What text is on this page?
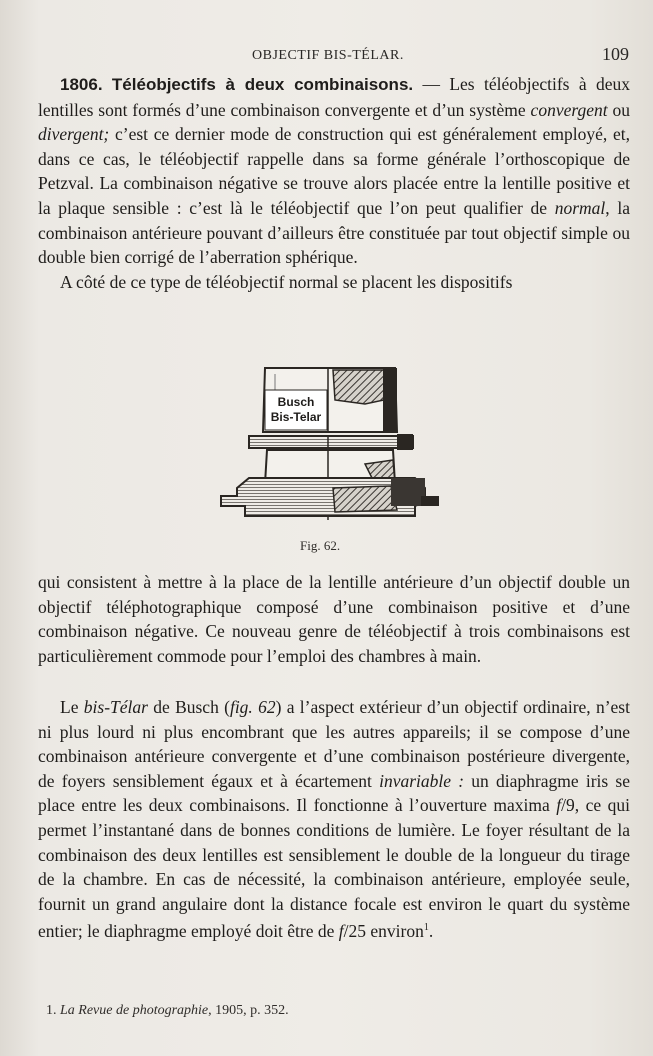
OBJECTIF BIS-TÉLAR.	109

1806. Téléobjectifs à deux combinaisons. — Les téléobjectifs à deux lentilles sont formés d’une combinaison convergente et d’un système convergent ou divergent; c’est ce dernier mode de construction qui est généralement employé, et, dans ce cas, le téléobjectif rappelle dans sa forme générale l’orthoscopique de Petzval. La combinaison négative se trouve alors placée entre la lentille positive et la plaque sensible : c’est là le téléobjectif que l’on peut qualifier de normal, la combinaison antérieure pouvant d’ailleurs être constituée par tout objectif simple ou double bien corrigé de l’aberration sphérique.

A côté de ce type de téléobjectif normal se placent les dispositifs

Busch
Bis-Telar
Fig. 62.

qui consistent à mettre à la place de la lentille antérieure d’un objectif double un objectif téléphotographique composé d’une combinaison positive et d’une combinaison négative. Ce nouveau genre de téléobjectif à trois combinaisons est particulièrement commode pour l’emploi des chambres à main.

Le bis-Télar de Busch (fig. 62) a l’aspect extérieur d’un objectif ordinaire, n’est ni plus lourd ni plus encombrant que les autres appareils; il se compose d’une combinaison antérieure convergente et d’une combinaison postérieure divergente, de foyers sensiblement égaux et à écartement invariable : un diaphragme iris se place entre les deux combinaisons. Il fonctionne à l’ouverture maxima f/9, ce qui permet l’instantané dans de bonnes conditions de lumière. Le foyer résultant de la combinaison des deux lentilles est sensiblement le double de la longueur du tirage de la chambre. En cas de nécessité, la combinaison antérieure, employée seule, fournit un grand angulaire dont la distance focale est environ le quart du système entier; le diaphragme employé doit être de f/25 environ$^1$.

1. La Revue de photographie, 1905, p. 352.
